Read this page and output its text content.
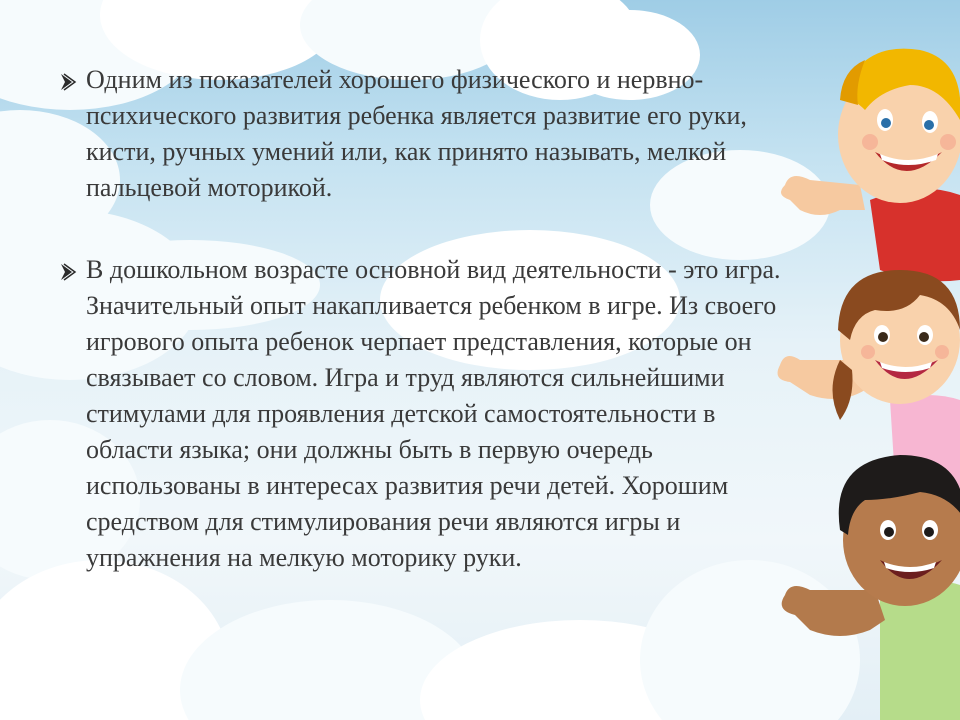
Одним из показателей хорошего физического и нервно-психического развития ребенка является развитие его руки, кисти, ручных умений или, как принято называть, мелкой пальцевой моторикой.

В дошкольном возрасте основной вид деятельности - это игра. Значительный опыт накапливается ребенком в игре. Из своего игрового опыта ребенок черпает представления, которые он связывает со словом. Игра и труд являются сильнейшими стимулами для проявления детской самостоятельности в области языка; они должны быть в первую очередь использованы в интересах развития речи детей. Хорошим средством для стимулирования речи являются игры и упражнения на мелкую моторику руки.
